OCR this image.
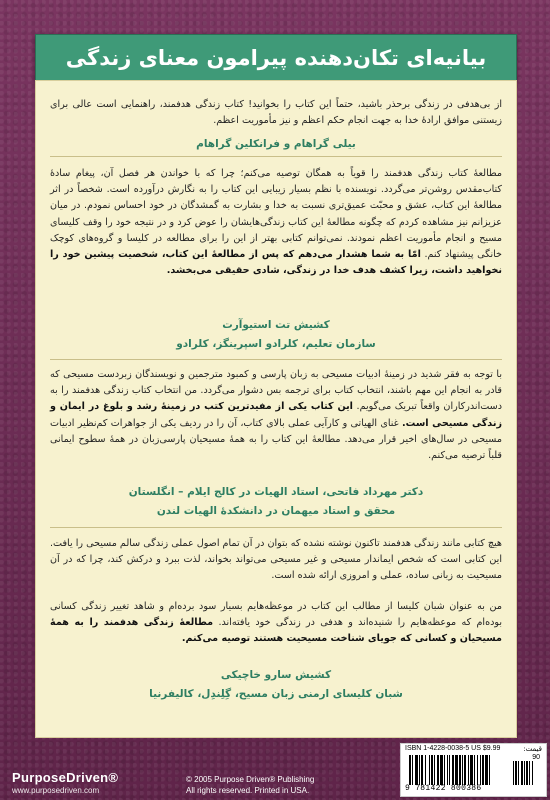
بیانیه‌ای تکان‌دهنده پیرامون معنای زندگی
از بی‌هدفی در زندگی برحذر باشید، حتماً این کتاب را بخوانید! کتاب زندگی هدفمند، راهنمایی است عالی برای زیستنی موافق ارادهٔ خدا به جهت انجام حکم اعظم و نیز مأموریت اعظم.
بیلی گراهام و فرانکلین گراهام
مطالعهٔ کتاب زندگی هدفمند را قویاً به همگان توصیه می‌کنم؛ چرا که با خواندن هر فصل آن، پیغام سادهٔ کتاب‌مقدس روشن‌تر می‌گردد. نویسنده با نظم بسیار زیبایی این کتاب را به نگارش درآورده است. شخصاً در اثر مطالعهٔ این کتاب، عشق و محبّت عمیق‌تری نسبت به خدا و بشارت به گمشدگان در خود احساس نمودم. در میان عزیزانم نیز مشاهده کردم که چگونه مطالعهٔ این کتاب زندگی‌هایشان را عوض کرد و در نتیجه خود را وقف کلیسای مسیح و انجام مأموریت اعظم نمودند. نمی‌توانم کتابی بهتر از این را برای مطالعه در کلیسا و گروه‌های کوچک خانگی پیشنهاد کنم. امّا به شما هشدار می‌دهم که پس از مطالعهٔ این کتاب، شخصیت پیشین خود را نخواهید داشت، زیرا کشف هدف خدا در زندگی، شادی حقیقی می‌بخشد.
کشیش تت استیوآرت
سازمان تعلیم، کلرادو اسپرینگز، کلرادو
با توجه به فقر شدید در زمینهٔ ادبیات مسیحی به زبان پارسی و کمبود مترجمین و نویسندگان زبردست مسیحی که قادر به انجام این مهم باشند، انتخاب کتاب برای ترجمه بس دشوار می‌گردد. من انتخاب کتاب زندگی هدفمند را به دست‌اندرکاران واقعاً تبریک می‌گویم. این کتاب یکی از مفیدترین کتب در زمینهٔ رشد و بلوغ در ایمان و زندگی مسیحی است. غنای الهیاتی و کارآیی عملی بالای کتاب، آن را در ردیف یکی از جواهرات کم‌نظیر ادبیات مسیحی در سال‌های اخیر قرار می‌دهد. مطالعهٔ این کتاب را به همهٔ مسیحیان پارسی‌زبان در همهٔ سطوح ایمانی قلباً ترصیه می‌کنم.
دکتر مهرداد فاتحی، استاد الهیات در کالج ایلام – انگلستان
محقق و استاد میهمان در دانشکدهٔ الهیات لندن
هیچ کتابی مانند زندگی هدفمند تاکنون نوشته نشده که بتوان در آن تمام اصول عملی زندگی سالم مسیحی را یافت. این کتابی است که شخص ایماندار مسیحی و غیر مسیحی می‌تواند بخواند، لذت ببرد و درکش کند، چرا که در آن مسیحیت به زبانی ساده، عملی و امروزی ارائه شده است.
من به عنوان شبان کلیسا از مطالب این کتاب در موعظه‌هایم بسیار سود برده‌ام و شاهد تغییر زندگی کسانی بوده‌ام که موعظه‌هایم را شنیده‌اند و هدفی در زندگی خود یافته‌اند. مطالعهٔ زندگی هدفمند را به همهٔ مسیحیان و کسانی که جویای شناخت مسیحیت هستند توصیه می‌کنم.
کشیش سارو خاچیکی
شبان کلیسای ارمنی زبان مسیح، گِلِندِل، کالیفرنیا
PurposeDriven®
www.purposedriven.com
© 2005 Purpose Driven® Publishing
All rights reserved. Printed in USA.
ISBN 1-4228-0038-5 US $9.99	قیمت:
90
9 781422 800386
